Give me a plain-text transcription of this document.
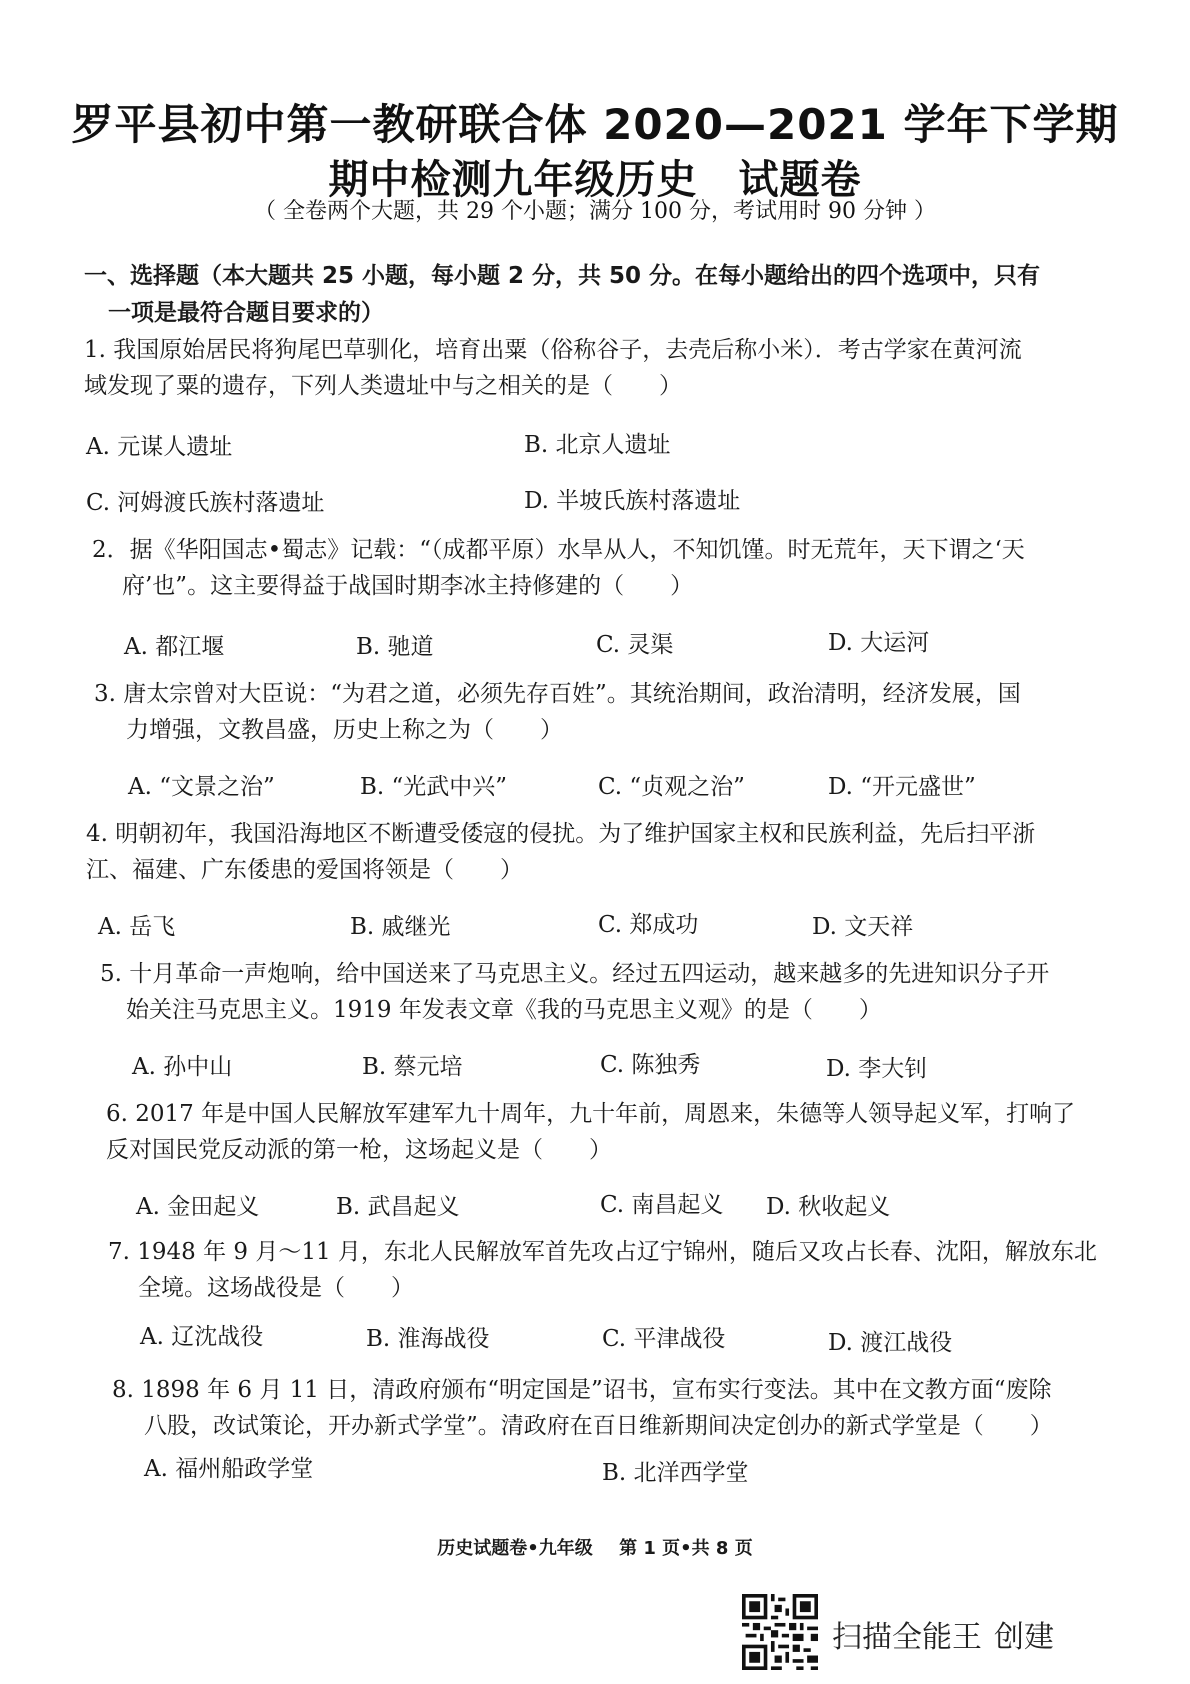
罗平县初中第一教研联合体 2020—2021 学年下学期
期中检测九年级历史　试题卷
（ 全卷两个大题，共 29 个小题；满分 100 分，考试用时 90 分钟 ）
一、选择题（本大题共 25 小题，每小题 2 分，共 50 分。在每小题给出的四个选项中，只有
一项是最符合题目要求的）
1. 我国原始居民将狗尾巴草驯化，培育出粟（俗称谷子，去壳后称小米）．考古学家在黄河流
域发现了粟的遗存，下列人类遗址中与之相关的是（　　）
A. 元谋人遗址	B. 北京人遗址
C. 河姆渡氏族村落遗址	D. 半坡氏族村落遗址
2．据《华阳国志•蜀志》记载：“（成都平原）水旱从人，不知饥馑。时无荒年，天下谓之‘天
府’也”。这主要得益于战国时期李冰主持修建的（　　）
A. 都江堰	B. 驰道	C. 灵渠	D. 大运河
3. 唐太宗曾对大臣说：“为君之道，必须先存百姓”。其统治期间，政治清明，经济发展，国
力增强，文教昌盛，历史上称之为（　　）
A. “文景之治”	B. “光武中兴”	C. “贞观之治”	D. “开元盛世”
4. 明朝初年，我国沿海地区不断遭受倭寇的侵扰。为了维护国家主权和民族利益，先后扫平浙
江、福建、广东倭患的爱国将领是（　　）
A. 岳飞	B. 戚继光	C. 郑成功	D. 文天祥
5. 十月革命一声炮响，给中国送来了马克思主义。经过五四运动，越来越多的先进知识分子开
始关注马克思主义。1919 年发表文章《我的马克思主义观》的是（　　）
A. 孙中山	B. 蔡元培	C. 陈独秀	D. 李大钊
6. 2017 年是中国人民解放军建军九十周年，九十年前，周恩来，朱德等人领导起义军，打响了
反对国民党反动派的第一枪，这场起义是（　　）
A. 金田起义	B. 武昌起义	C. 南昌起义 D. 秋收起义
7. 1948 年 9 月～11 月，东北人民解放军首先攻占辽宁锦州，随后又攻占长春、沈阳，解放东北
全境。这场战役是（　　）
A. 辽沈战役	B. 淮海战役	C. 平津战役	D. 渡江战役
8. 1898 年 6 月 11 日，清政府颁布“明定国是”诏书，宣布实行变法。其中在文教方面“废除
八股，改试策论，开办新式学堂”。清政府在百日维新期间决定创办的新式学堂是（　　）
A. 福州船政学堂	B. 北洋西学堂
历史试题卷•九年级 第 1 页•共 8 页
扫描全能王 创建
